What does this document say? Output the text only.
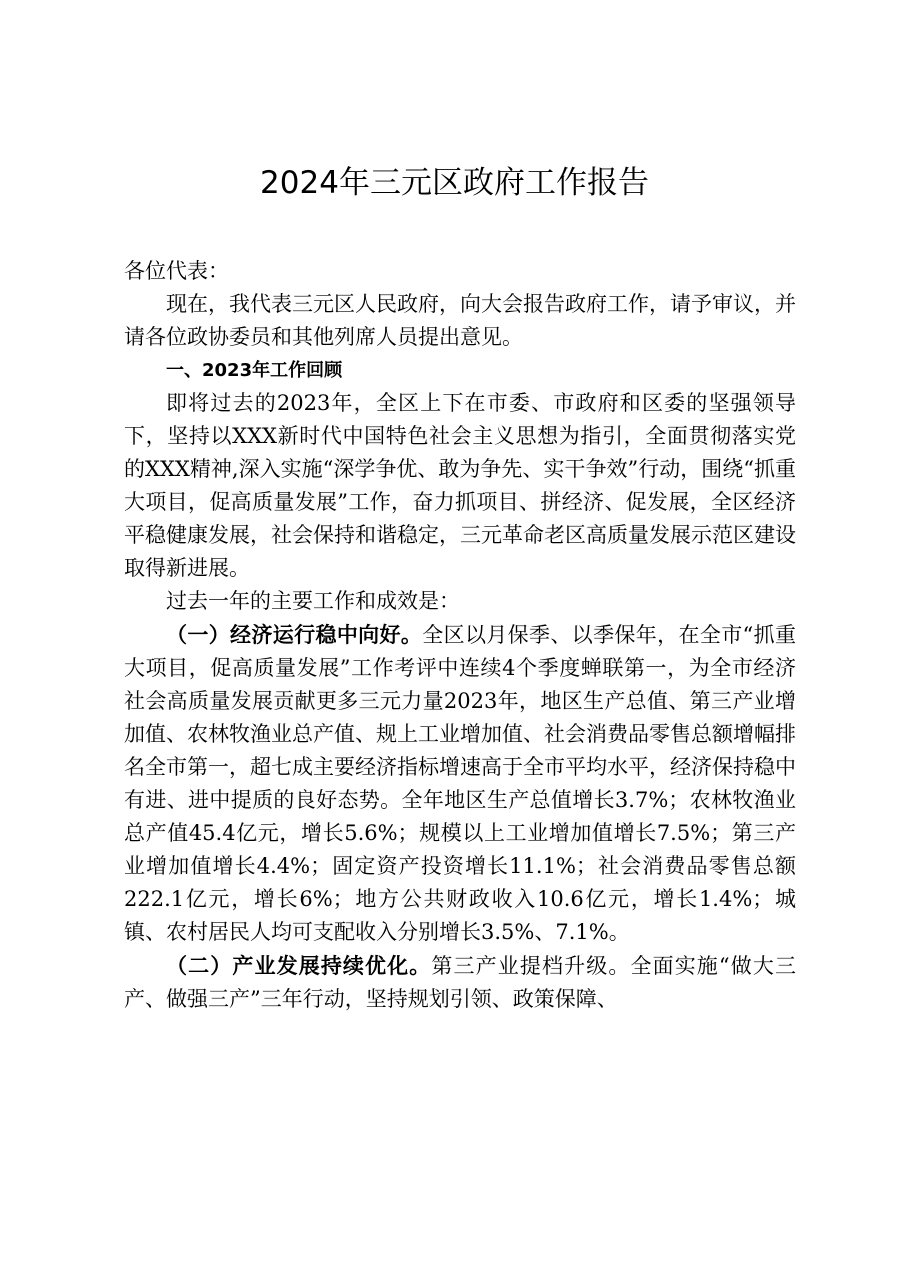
2024年三元区政府工作报告

各位代表：

现在，我代表三元区人民政府，向大会报告政府工作，请予审议，并请各位政协委员和其他列席人员提出意见。

一、2023年工作回顾

即将过去的2023年，全区上下在市委、市政府和区委的坚强领导下，坚持以XXX新时代中国特色社会主义思想为指引，全面贯彻落实党的XXX精神,深入实施“深学争优、敢为争先、实干争效”行动，围绕“抓重大项目，促高质量发展”工作，奋力抓项目、拼经济、促发展，全区经济平稳健康发展，社会保持和谐稳定，三元革命老区高质量发展示范区建设取得新进展。

过去一年的主要工作和成效是：

（一）经济运行稳中向好。全区以月保季、以季保年，在全市“抓重大项目，促高质量发展”工作考评中连续4个季度蝉联第一，为全市经济社会高质量发展贡献更多三元力量2023年，地区生产总值、第三产业增加值、农林牧渔业总产值、规上工业增加值、社会消费品零售总额增幅排名全市第一，超七成主要经济指标增速高于全市平均水平，经济保持稳中有进、进中提质的良好态势。全年地区生产总值增长3.7%；农林牧渔业总产值45.4亿元，增长5.6%；规模以上工业增加值增长7.5%；第三产业增加值增长4.4%；固定资产投资增长11.1%；社会消费品零售总额222.1亿元，增长6%；地方公共财政收入10.6亿元，增长1.4%；城镇、农村居民人均可支配收入分别增长3.5%、7.1%。

（二）产业发展持续优化。第三产业提档升级。全面实施“做大三产、做强三产”三年行动，坚持规划引领、政策保障、
